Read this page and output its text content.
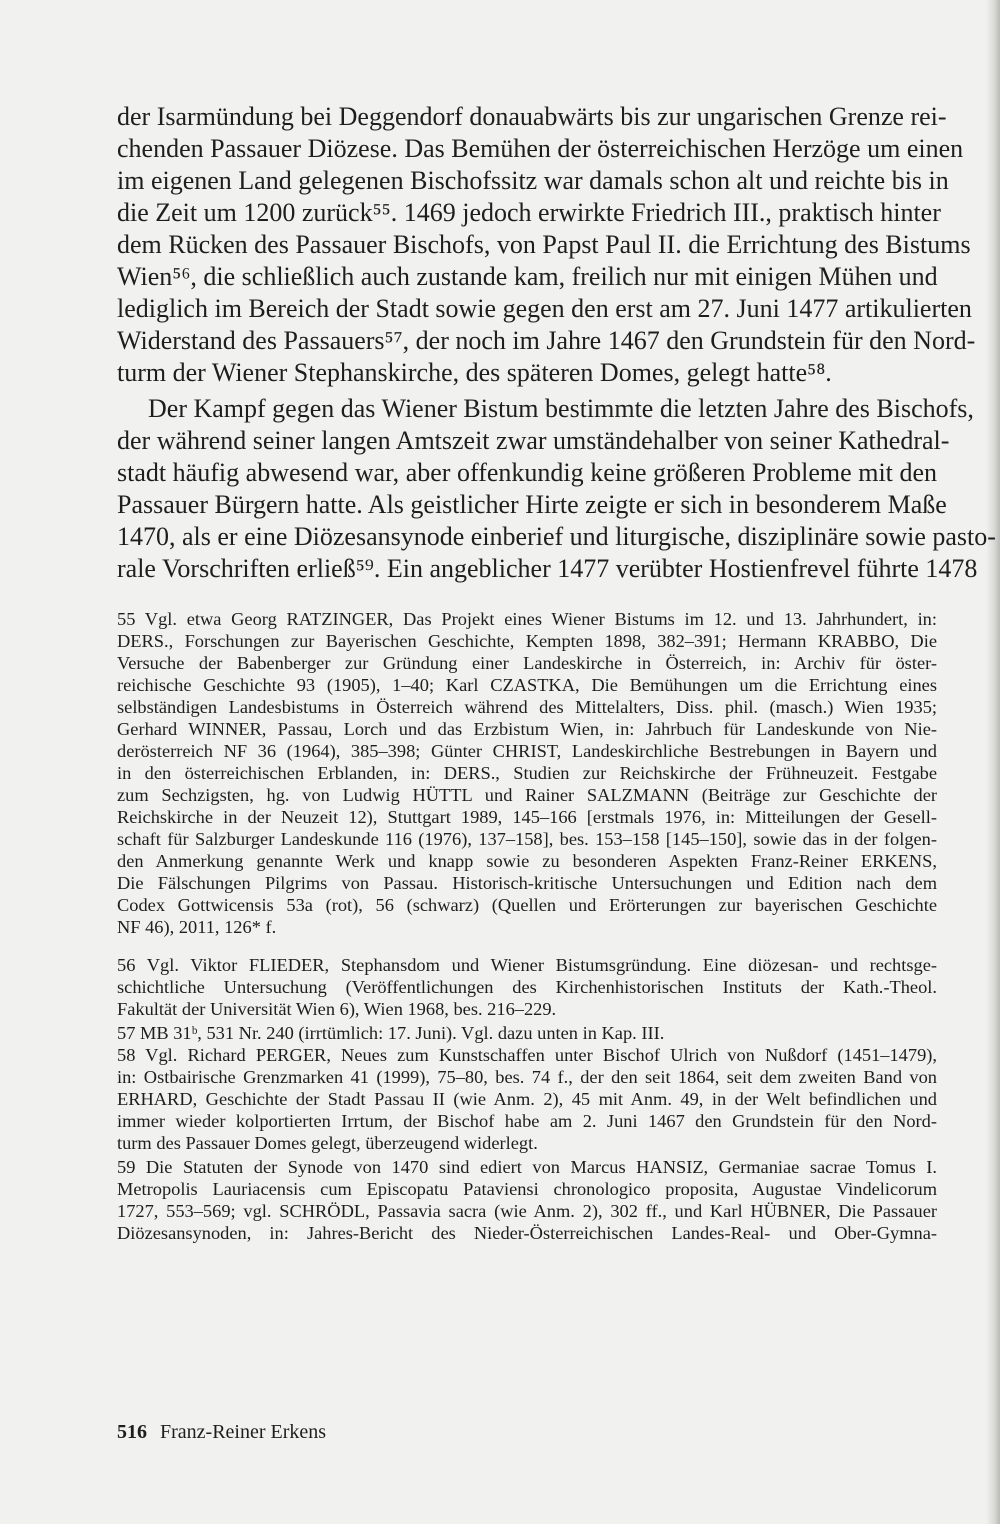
der Isarmündung bei Deggendorf donauabwärts bis zur ungarischen Grenze rei-
chenden Passauer Diözese. Das Bemühen der österreichischen Herzöge um einen
im eigenen Land gelegenen Bischofssitz war damals schon alt und reichte bis in
die Zeit um 1200 zurück⁵⁵. 1469 jedoch erwirkte Friedrich III., praktisch hinter
dem Rücken des Passauer Bischofs, von Papst Paul II. die Errichtung des Bistums
Wien⁵⁶, die schließlich auch zustande kam, freilich nur mit einigen Mühen und
lediglich im Bereich der Stadt sowie gegen den erst am 27. Juni 1477 artikulierten
Widerstand des Passauers⁵⁷, der noch im Jahre 1467 den Grundstein für den Nord-
turm der Wiener Stephanskirche, des späteren Domes, gelegt hatte⁵⁸.
Der Kampf gegen das Wiener Bistum bestimmte die letzten Jahre des Bischofs,
der während seiner langen Amtszeit zwar umständehalber von seiner Kathedral-
stadt häufig abwesend war, aber offenkundig keine größeren Probleme mit den
Passauer Bürgern hatte. Als geistlicher Hirte zeigte er sich in besonderem Maße
1470, als er eine Diözesansynode einberief und liturgische, disziplinäre sowie pasto-
rale Vorschriften erließ⁵⁹. Ein angeblicher 1477 verübter Hostienfrevel führte 1478
55 Vgl. etwa Georg RATZINGER, Das Projekt eines Wiener Bistums im 12. und 13. Jahrhundert, in:
DERS., Forschungen zur Bayerischen Geschichte, Kempten 1898, 382–391; Hermann KRABBO, Die
Versuche der Babenberger zur Gründung einer Landeskirche in Österreich, in: Archiv für öster-
reichische Geschichte 93 (1905), 1–40; Karl CZASTKA, Die Bemühungen um die Errichtung eines
selbständigen Landesbistums in Österreich während des Mittelalters, Diss. phil. (masch.) Wien 1935;
Gerhard WINNER, Passau, Lorch und das Erzbistum Wien, in: Jahrbuch für Landeskunde von Nie-
derösterreich NF 36 (1964), 385–398; Günter CHRIST, Landeskirchliche Bestrebungen in Bayern und
in den österreichischen Erblanden, in: DERS., Studien zur Reichskirche der Frühneuzeit. Festgabe
zum Sechzigsten, hg. von Ludwig HÜTTL und Rainer SALZMANN (Beiträge zur Geschichte der
Reichskirche in der Neuzeit 12), Stuttgart 1989, 145–166 [erstmals 1976, in: Mitteilungen der Gesell-
schaft für Salzburger Landeskunde 116 (1976), 137–158], bes. 153–158 [145–150], sowie das in der folgen-
den Anmerkung genannte Werk und knapp sowie zu besonderen Aspekten Franz-Reiner ERKENS,
Die Fälschungen Pilgrims von Passau. Historisch-kritische Untersuchungen und Edition nach dem
Codex Gottwicensis 53a (rot), 56 (schwarz) (Quellen und Erörterungen zur bayerischen Geschichte
NF 46), 2011, 126* f.
56 Vgl. Viktor FLIEDER, Stephansdom und Wiener Bistumsgründung. Eine diözesan- und rechtsge-
schichtliche Untersuchung (Veröffentlichungen des Kirchenhistorischen Instituts der Kath.-Theol.
Fakultät der Universität Wien 6), Wien 1968, bes. 216–229.
57 MB 31ᵇ, 531 Nr. 240 (irrtümlich: 17. Juni). Vgl. dazu unten in Kap. III.
58 Vgl. Richard PERGER, Neues zum Kunstschaffen unter Bischof Ulrich von Nußdorf (1451–1479),
in: Ostbairische Grenzmarken 41 (1999), 75–80, bes. 74 f., der den seit 1864, seit dem zweiten Band von
ERHARD, Geschichte der Stadt Passau II (wie Anm. 2), 45 mit Anm. 49, in der Welt befindlichen und
immer wieder kolportierten Irrtum, der Bischof habe am 2. Juni 1467 den Grundstein für den Nord-
turm des Passauer Domes gelegt, überzeugend widerlegt.
59 Die Statuten der Synode von 1470 sind ediert von Marcus HANSIZ, Germaniae sacrae Tomus I.
Metropolis Lauriacensis cum Episcopatu Pataviensi chronologico proposita, Augustae Vindelicorum
1727, 553–569; vgl. SCHRÖDL, Passavia sacra (wie Anm. 2), 302 ff., und Karl HÜBNER, Die Passauer
Diözesansynoden, in: Jahres-Bericht des Nieder-Österreichischen Landes-Real- und Ober-Gymna-
516 Franz-Reiner Erkens
